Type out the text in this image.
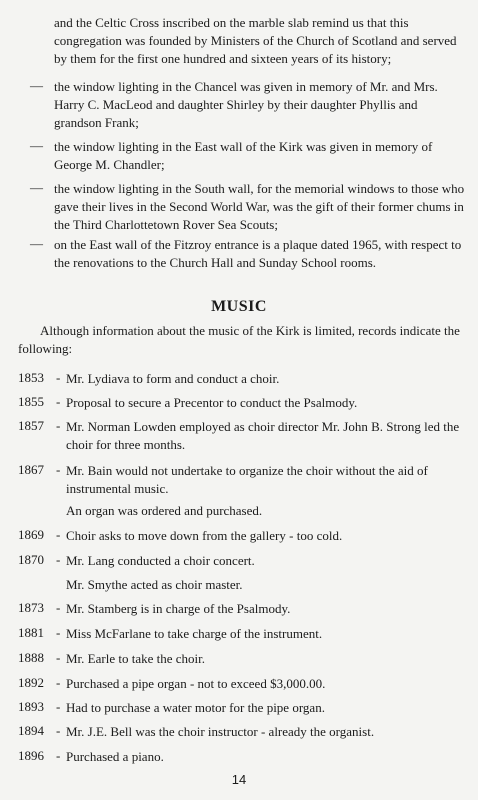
and the Celtic Cross inscribed on the marble slab remind us that this congregation was founded by Ministers of the Church of Scotland and served by them for the first one hundred and sixteen years of its history;

— the window lighting in the Chancel was given in memory of Mr. and Mrs. Harry C. MacLeod and daughter Shirley by their daughter Phyllis and grandson Frank;
— the window lighting in the East wall of the Kirk was given in memory of George M. Chandler;
— the window lighting in the South wall, for the memorial windows to those who gave their lives in the Second World War, was the gift of their former chums in the Third Charlottetown Rover Sea Scouts;
— on the East wall of the Fitzroy entrance is a plaque dated 1965, with respect to the renovations to the Church Hall and Sunday School rooms.
MUSIC

Although information about the music of the Kirk is limited, records indicate the following:

1853 - Mr. Lydiava to form and conduct a choir.
1855 - Proposal to secure a Precentor to conduct the Psalmody.
1857 - Mr. Norman Lowden employed as choir director Mr. John B. Strong led the choir for three months.
1867 - Mr. Bain would not undertake to organize the choir without the aid of instrumental music.
An organ was ordered and purchased.
1869 - Choir asks to move down from the gallery - too cold.
1870 - Mr. Lang conducted a choir concert.
Mr. Smythe acted as choir master.
1873 - Mr. Stamberg is in charge of the Psalmody.
1881 - Miss McFarlane to take charge of the instrument.
1888 - Mr. Earle to take the choir.
1892 - Purchased a pipe organ - not to exceed $3,000.00.
1893 - Had to purchase a water motor for the pipe organ.
1894 - Mr. J.E. Bell was the choir instructor - already the organist.
1896 - Purchased a piano.
14
